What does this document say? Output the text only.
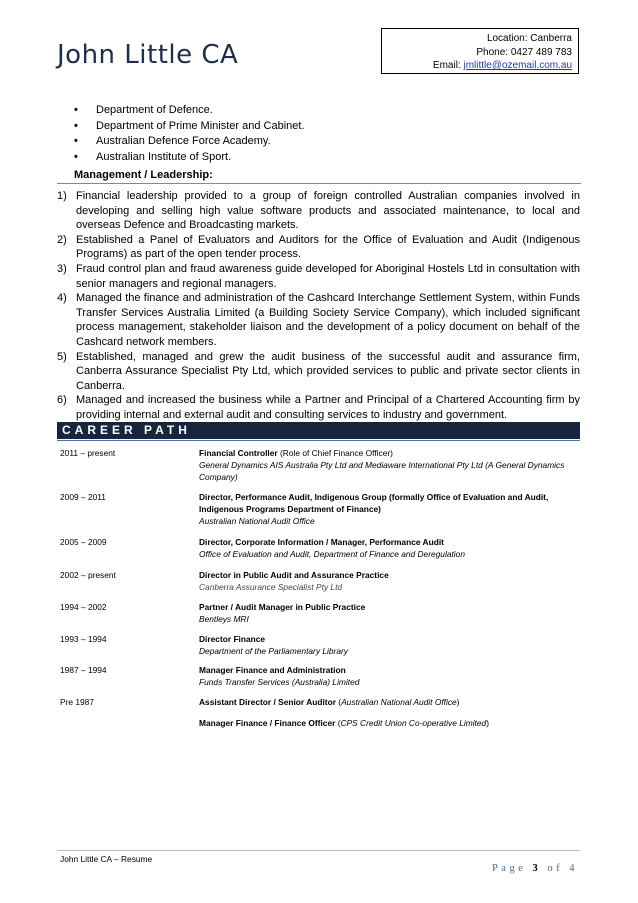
John Little CA
Location: Canberra
Phone: 0427 489 783
Email: jmlittle@ozemail.com.au
• Department of Defence.
• Department of Prime Minister and Cabinet.
• Australian Defence Force Academy.
• Australian Institute of Sport.
Management / Leadership:
1) Financial leadership provided to a group of foreign controlled Australian companies involved in developing and selling high value software products and associated maintenance, to local and overseas Defence and Broadcasting markets.
2) Established a Panel of Evaluators and Auditors for the Office of Evaluation and Audit (Indigenous Programs) as part of the open tender process.
3) Fraud control plan and fraud awareness guide developed for Aboriginal Hostels Ltd in consultation with senior managers and regional managers.
4) Managed the finance and administration of the Cashcard Interchange Settlement System, within Funds Transfer Services Australia Limited (a Building Society Service Company), which included significant process management, stakeholder liaison and the development of a policy document on behalf of the Cashcard network members.
5) Established, managed and grew the audit business of the successful audit and assurance firm, Canberra Assurance Specialist Pty Ltd, which provided services to public and private sector clients in Canberra.
6) Managed and increased the business while a Partner and Principal of a Chartered Accounting firm by providing internal and external audit and consulting services to industry and government.
CAREER PATH
2011 – present	Financial Controller (Role of Chief Finance Officer)
General Dynamics AIS Australia Pty Ltd and Mediaware International Pty Ltd (A General Dynamics Company)
2009 – 2011	Director, Performance Audit, Indigenous Group (formally Office of Evaluation and Audit, Indigenous Programs Department of Finance)
Australian National Audit Office
2005 – 2009	Director, Corporate Information / Manager, Performance Audit
Office of Evaluation and Audit, Department of Finance and Deregulation
2002 – present	Director in Public Audit and Assurance Practice
Canberra Assurance Specialist Pty Ltd
1994 – 2002	Partner / Audit Manager in Public Practice
Bentleys MRI
1993 – 1994	Director Finance
Department of the Parliamentary Library
1987 – 1994	Manager Finance and Administration
Funds Transfer Services (Australia) Limited
Pre 1987	Assistant Director / Senior Auditor (Australian National Audit Office)
Manager Finance / Finance Officer (CPS Credit Union Co-operative Limited)
John Little CA – Resume
Page 3 of 4
